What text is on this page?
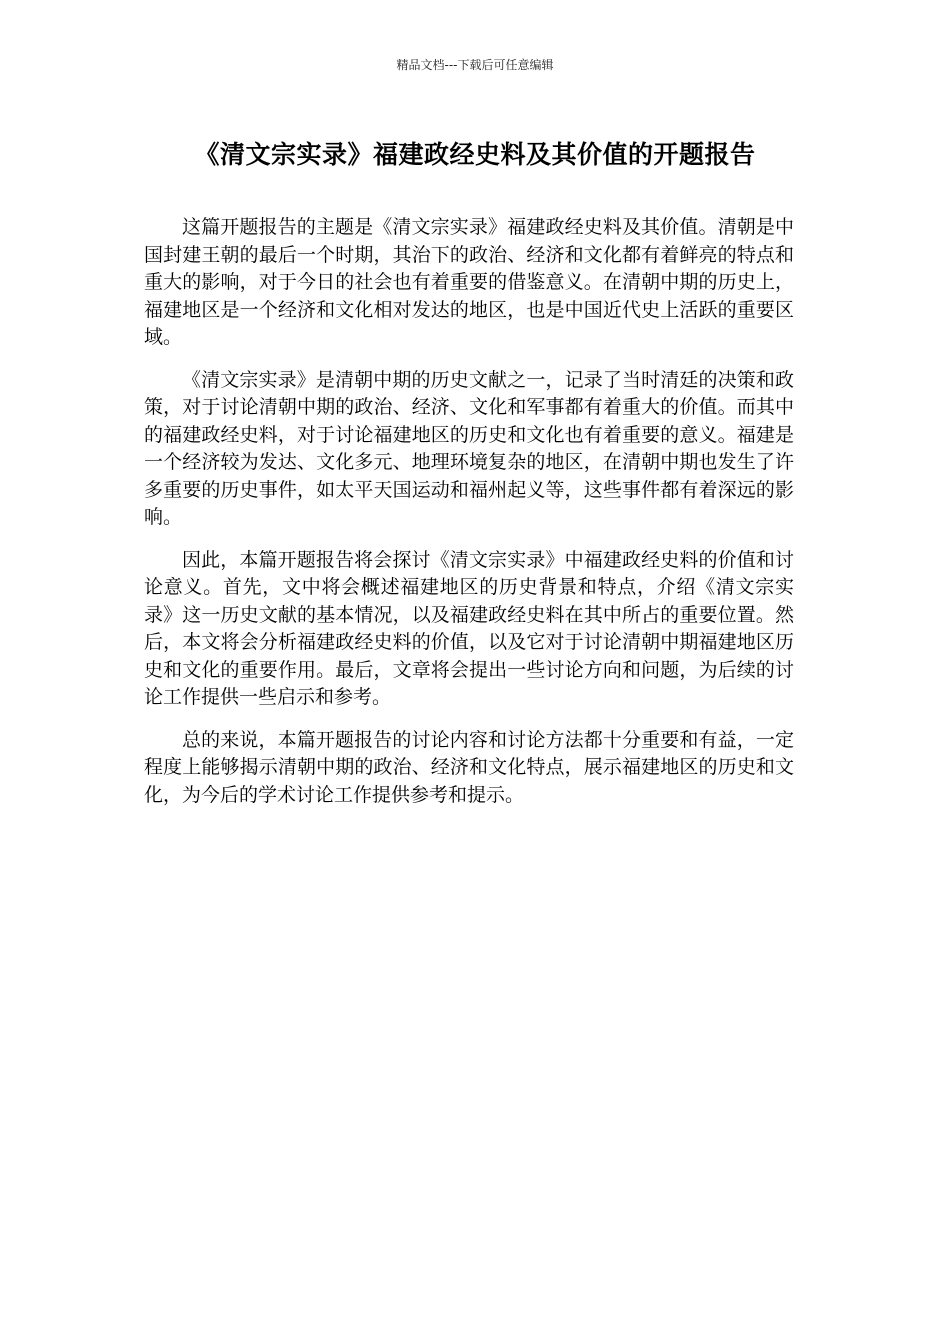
精品文档---下载后可任意编辑
《清文宗实录》福建政经史料及其价值的开题报告

这篇开题报告的主题是《清文宗实录》福建政经史料及其价值。清朝是中国封建王朝的最后一个时期，其治下的政治、经济和文化都有着鲜亮的特点和重大的影响，对于今日的社会也有着重要的借鉴意义。在清朝中期的历史上，福建地区是一个经济和文化相对发达的地区，也是中国近代史上活跃的重要区域。

《清文宗实录》是清朝中期的历史文献之一，记录了当时清廷的决策和政策，对于讨论清朝中期的政治、经济、文化和军事都有着重大的价值。而其中的福建政经史料，对于讨论福建地区的历史和文化也有着重要的意义。福建是一个经济较为发达、文化多元、地理环境复杂的地区，在清朝中期也发生了许多重要的历史事件，如太平天国运动和福州起义等，这些事件都有着深远的影响。

因此，本篇开题报告将会探讨《清文宗实录》中福建政经史料的价值和讨论意义。首先，文中将会概述福建地区的历史背景和特点，介绍《清文宗实录》这一历史文献的基本情况，以及福建政经史料在其中所占的重要位置。然后，本文将会分析福建政经史料的价值，以及它对于讨论清朝中期福建地区历史和文化的重要作用。最后，文章将会提出一些讨论方向和问题，为后续的讨论工作提供一些启示和参考。

总的来说，本篇开题报告的讨论内容和讨论方法都十分重要和有益，一定程度上能够揭示清朝中期的政治、经济和文化特点，展示福建地区的历史和文化，为今后的学术讨论工作提供参考和提示。
